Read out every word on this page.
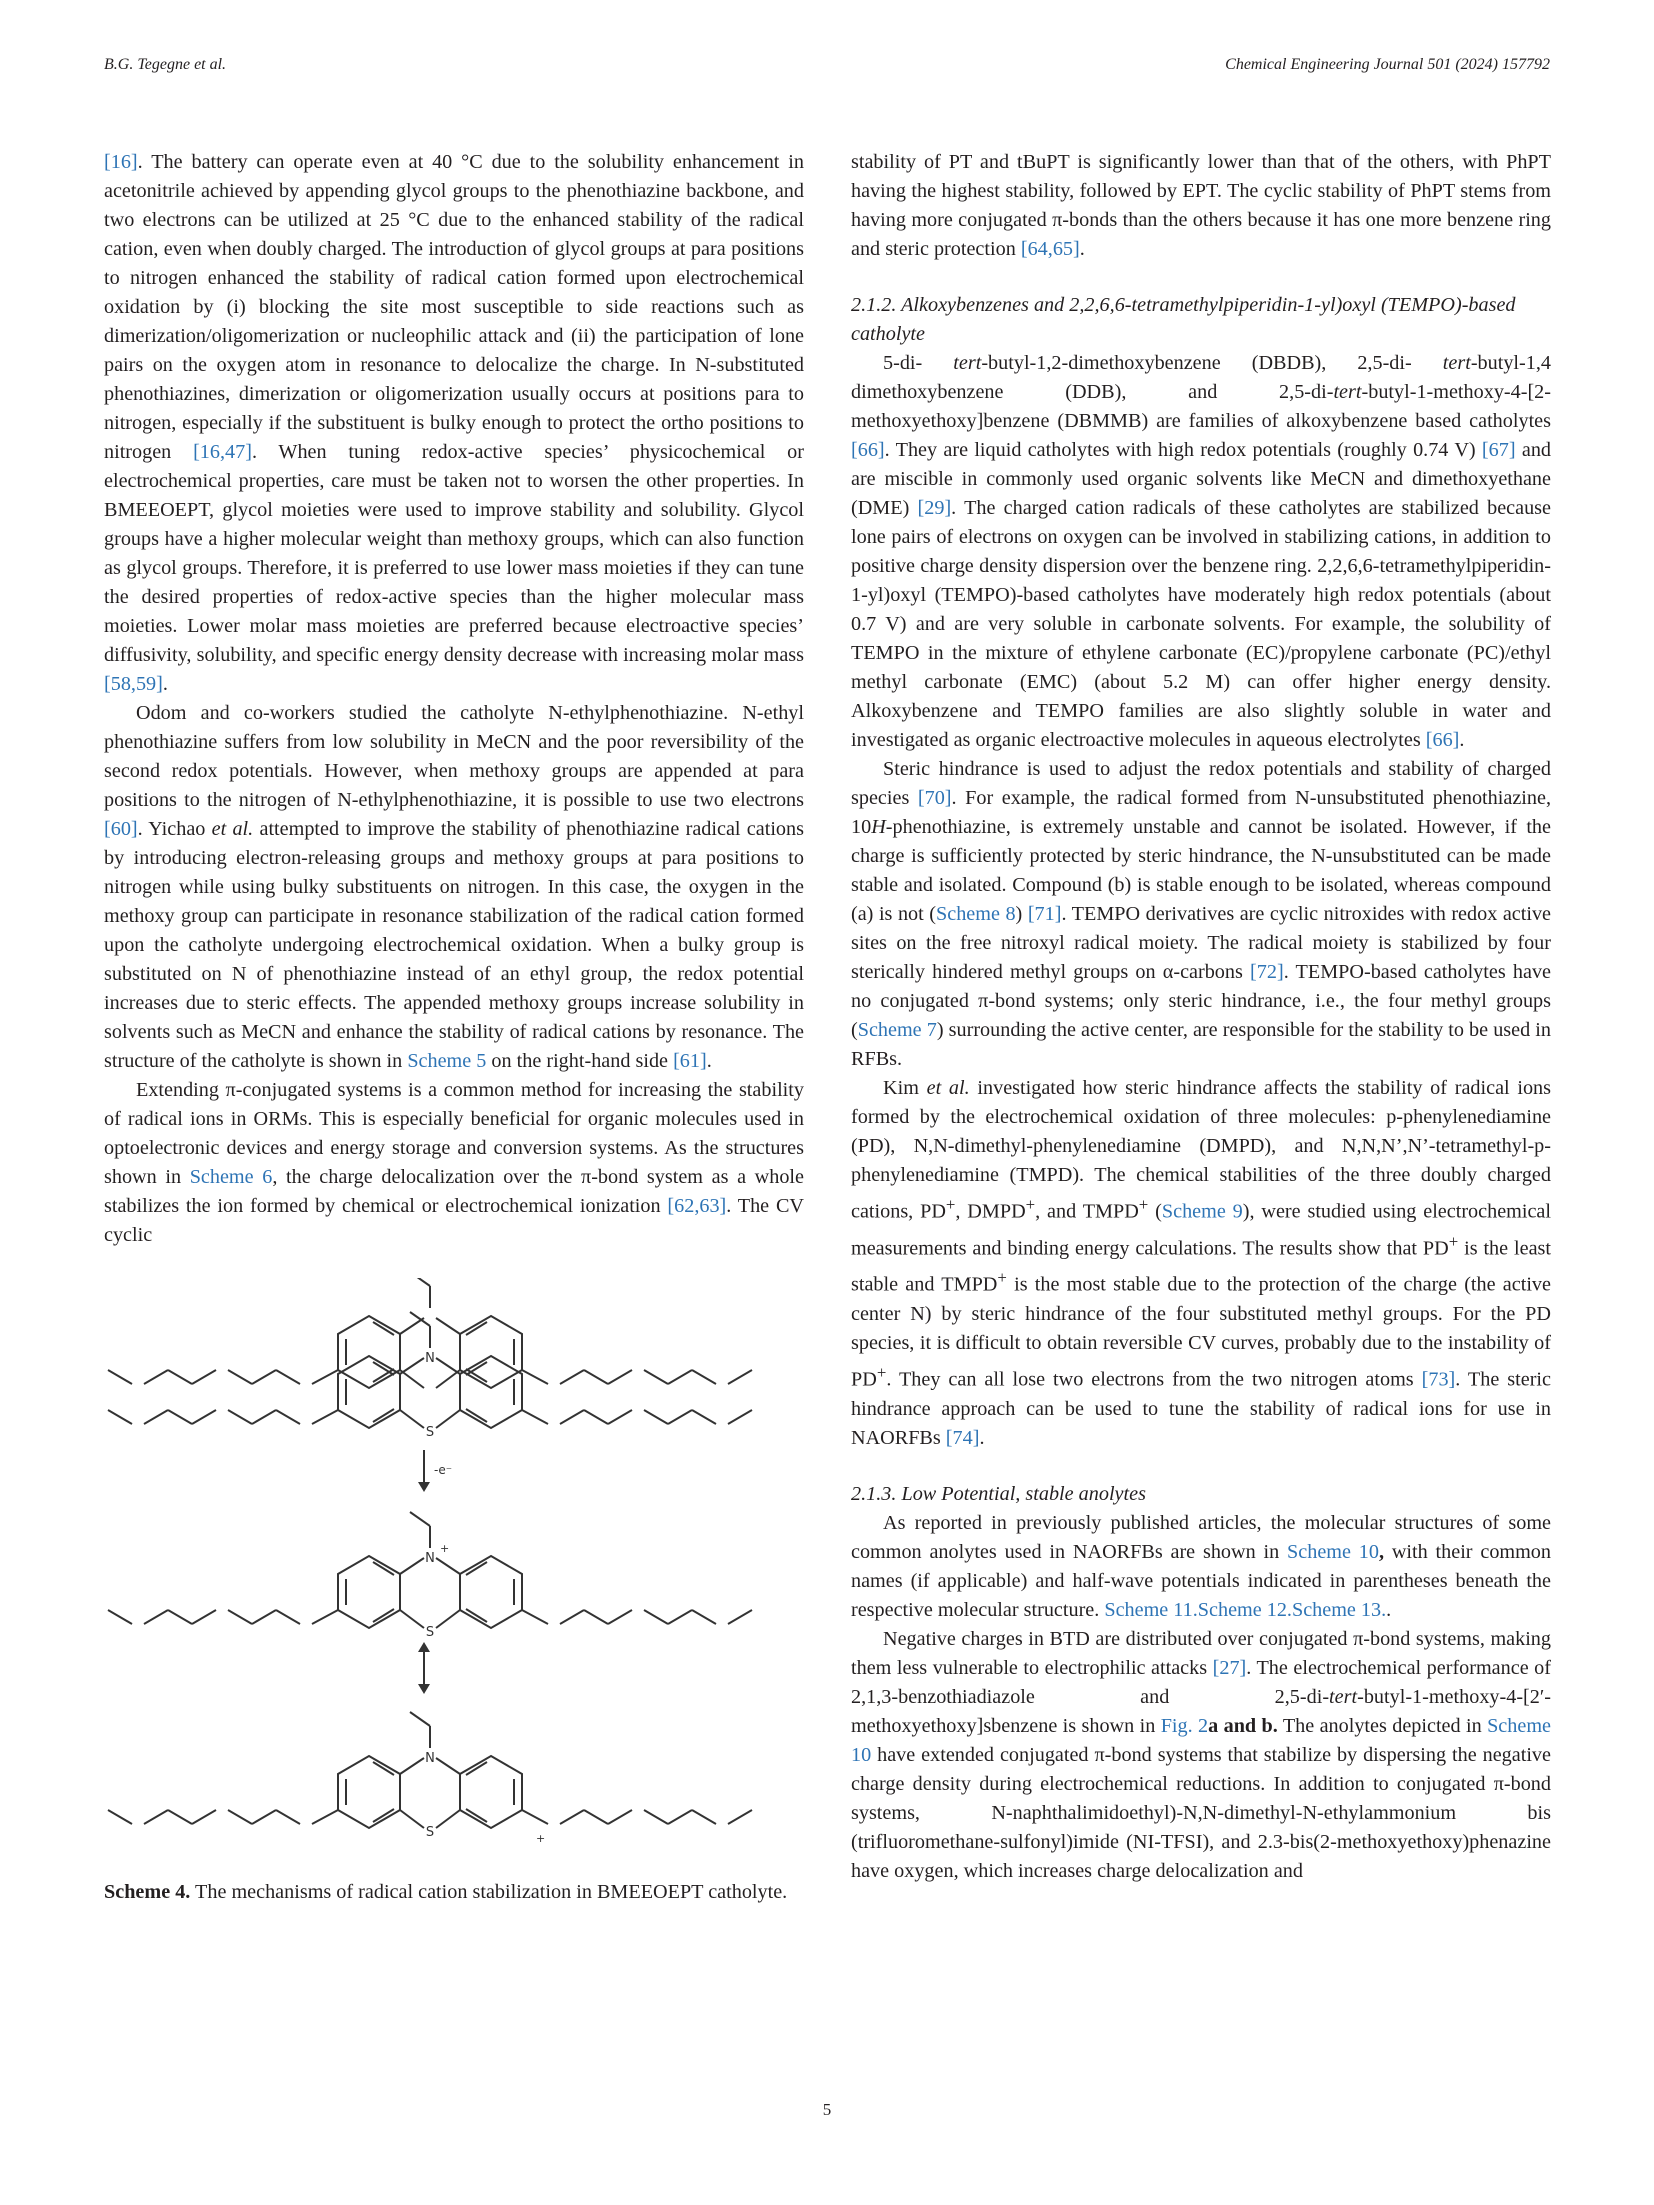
B.G. Tegegne et al.	Chemical Engineering Journal 501 (2024) 157792

[16]. The battery can operate even at 40 °C due to the solubility enhancement in acetonitrile achieved by appending glycol groups to the phenothiazine backbone, and two electrons can be utilized at 25 °C due to the enhanced stability of the radical cation, even when doubly charged. The introduction of glycol groups at para positions to nitrogen enhanced the stability of radical cation formed upon electrochemical oxidation by (i) blocking the site most susceptible to side reactions such as dimerization/oligomerization or nucleophilic attack and (ii) the participation of lone pairs on the oxygen atom in resonance to delocalize the charge. In N-substituted phenothiazines, dimerization or oligomerization usually occurs at positions para to nitrogen, especially if the substituent is bulky enough to protect the ortho positions to nitrogen [16,47]. When tuning redox-active species’ physicochemical or electrochemical properties, care must be taken not to worsen the other properties. In BMEEOEPT, glycol moieties were used to improve stability and solubility. Glycol groups have a higher molecular weight than methoxy groups, which can also function as glycol groups. Therefore, it is preferred to use lower mass moieties if they can tune the desired properties of redox-active species than the higher molecular mass moieties. Lower molar mass moieties are preferred because electroactive species’ diffusivity, solubility, and specific energy density decrease with increasing molar mass [58,59].

Odom and co-workers studied the catholyte N-ethylphenothiazine. N-ethyl phenothiazine suffers from low solubility in MeCN and the poor reversibility of the second redox potentials. However, when methoxy groups are appended at para positions to the nitrogen of N-ethylphenothiazine, it is possible to use two electrons [60]. Yichao et al. attempted to improve the stability of phenothiazine radical cations by introducing electron-releasing groups and methoxy groups at para positions to nitrogen while using bulky substituents on nitrogen. In this case, the oxygen in the methoxy group can participate in resonance stabilization of the radical cation formed upon the catholyte undergoing electrochemical oxidation. When a bulky group is substituted on N of phenothiazine instead of an ethyl group, the redox potential increases due to steric effects. The appended methoxy groups increase solubility in solvents such as MeCN and enhance the stability of radical cations by resonance. The structure of the catholyte is shown in Scheme 5 on the right-hand side [61].

Extending π-conjugated systems is a common method for increasing the stability of radical ions in ORMs. This is especially beneficial for organic molecules used in optoelectronic devices and energy storage and conversion systems. As the structures shown in Scheme 6, the charge delocalization over the π-bond system as a whole stabilizes the ion formed by chemical or electrochemical ionization [62,63]. The CV cyclic

N
S
-e⁻
N
+
S
N
S	+

Scheme 4. The mechanisms of radical cation stabilization in BMEEOEPT catholyte.

stability of PT and tBuPT is significantly lower than that of the others, with PhPT having the highest stability, followed by EPT. The cyclic stability of PhPT stems from having more conjugated π-bonds than the others because it has one more benzene ring and steric protection [64,65].

2.1.2. Alkoxybenzenes and 2,2,6,6-tetramethylpiperidin-1-yl)oxyl (TEMPO)-based catholyte

5-di- tert-butyl-1,2-dimethoxybenzene (DBDB), 2,5-di- tert-butyl-1,4 dimethoxybenzene (DDB), and 2,5-di-tert-butyl-1-methoxy-4-[2-methoxyethoxy]benzene (DBMMB) are families of alkoxybenzene based catholytes [66]. They are liquid catholytes with high redox potentials (roughly 0.74 V) [67] and are miscible in commonly used organic solvents like MeCN and dimethoxyethane (DME) [29]. The charged cation radicals of these catholytes are stabilized because lone pairs of electrons on oxygen can be involved in stabilizing cations, in addition to positive charge density dispersion over the benzene ring. 2,2,6,6-tetramethylpiperidin-1-yl)oxyl (TEMPO)-based catholytes have moderately high redox potentials (about 0.7 V) and are very soluble in carbonate solvents. For example, the solubility of TEMPO in the mixture of ethylene carbonate (EC)/propylene carbonate (PC)/ethyl methyl carbonate (EMC) (about 5.2 M) can offer higher energy density. Alkoxybenzene and TEMPO families are also slightly soluble in water and investigated as organic electroactive molecules in aqueous electrolytes [66].

Steric hindrance is used to adjust the redox potentials and stability of charged species [70]. For example, the radical formed from N-unsubstituted phenothiazine, 10H-phenothiazine, is extremely unstable and cannot be isolated. However, if the charge is sufficiently protected by steric hindrance, the N-unsubstituted can be made stable and isolated. Compound (b) is stable enough to be isolated, whereas compound (a) is not (Scheme 8) [71]. TEMPO derivatives are cyclic nitroxides with redox active sites on the free nitroxyl radical moiety. The radical moiety is stabilized by four sterically hindered methyl groups on α-carbons [72]. TEMPO-based catholytes have no conjugated π-bond systems; only steric hindrance, i.e., the four methyl groups (Scheme 7) surrounding the active center, are responsible for the stability to be used in RFBs.

Kim et al. investigated how steric hindrance affects the stability of radical ions formed by the electrochemical oxidation of three molecules: p-phenylenediamine (PD), N,N-dimethyl-phenylenediamine (DMPD), and N,N,N’,N’-tetramethyl-p-phenylenediamine (TMPD). The chemical stabilities of the three doubly charged cations, PD+, DMPD+, and TMPD+ (Scheme 9), were studied using electrochemical measurements and binding energy calculations. The results show that PD+ is the least stable and TMPD+ is the most stable due to the protection of the charge (the active center N) by steric hindrance of the four substituted methyl groups. For the PD species, it is difficult to obtain reversible CV curves, probably due to the instability of PD+. They can all lose two electrons from the two nitrogen atoms [73]. The steric hindrance approach can be used to tune the stability of radical ions for use in NAORFBs [74].

2.1.3. Low Potential, stable anolytes

As reported in previously published articles, the molecular structures of some common anolytes used in NAORFBs are shown in Scheme 10, with their common names (if applicable) and half-wave potentials indicated in parentheses beneath the respective molecular structure. Scheme 11.Scheme 12.Scheme 13..

Negative charges in BTD are distributed over conjugated π-bond systems, making them less vulnerable to electrophilic attacks [27]. The electrochemical performance of 2,1,3-benzothiadiazole and 2,5-di-tert-butyl-1-methoxy-4-[2′-methoxyethoxy]sbenzene is shown in Fig. 2a and b. The anolytes depicted in Scheme 10 have extended conjugated π-bond systems that stabilize by dispersing the negative charge density during electrochemical reductions. In addition to conjugated π-bond systems, N-naphthalimidoethyl)-N,N-dimethyl-N-ethylammonium bis (trifluoromethane-sulfonyl)imide (NI-TFSI), and 2.3-bis(2-methoxyethoxy)phenazine have oxygen, which increases charge delocalization and

5
